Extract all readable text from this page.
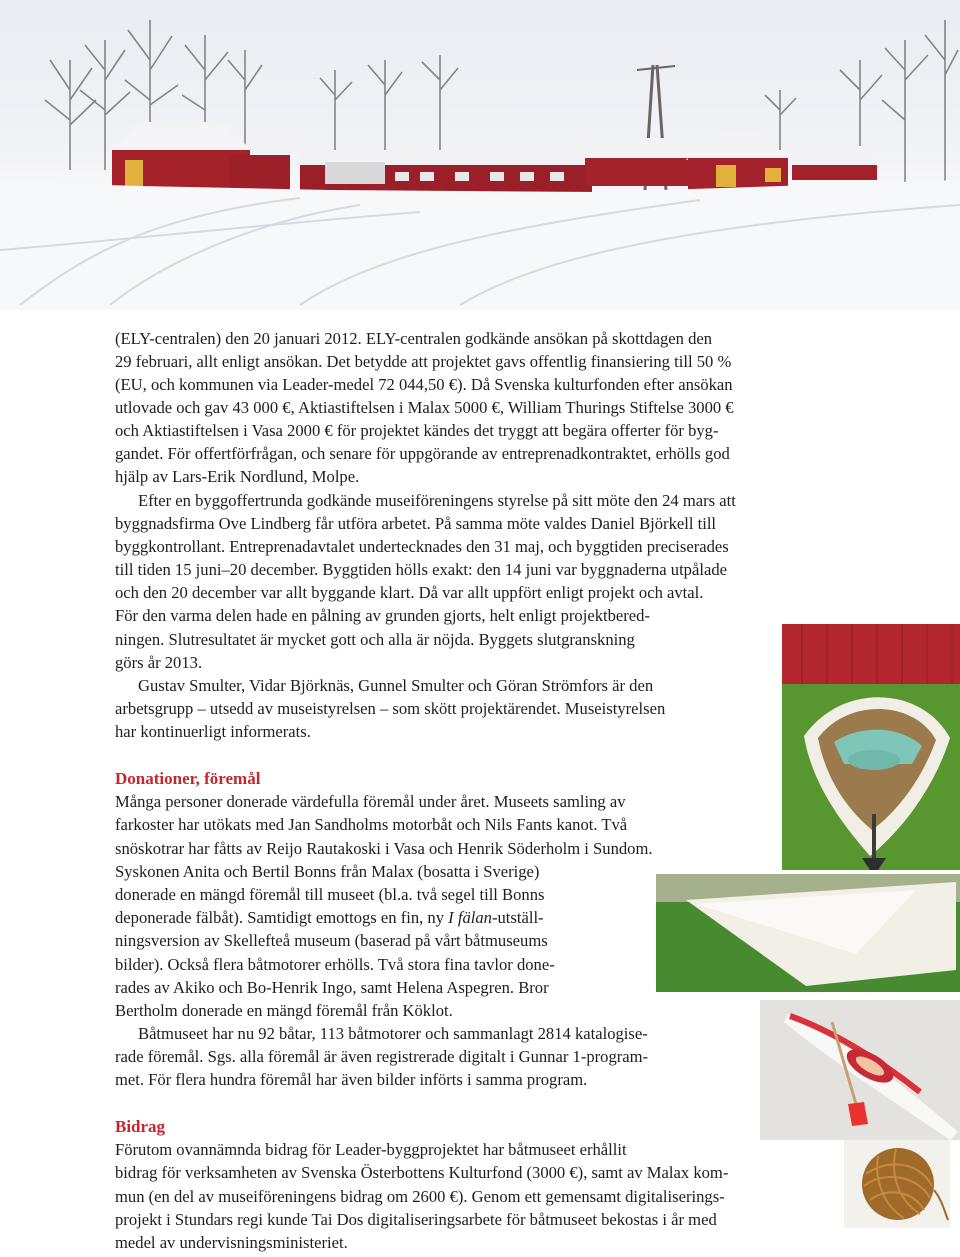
(ELY-centralen) den 20 januari 2012. ELY-centralen godkände ansökan på skottdagen den
29 februari, allt enligt ansökan. Det betydde att projektet gavs offentlig finansiering till 50 %
(EU, och kommunen via Leader-medel 72 044,50 €). Då Svenska kulturfonden efter ansökan
utlovade och gav 43 000 €, Aktiastiftelsen i Malax 5000 €, William Thurings Stiftelse 3000 €
och Aktiastiftelsen i Vasa 2000 € för projektet kändes det tryggt att begära offerter för byg-
gandet. För offertförfrågan, och senare för uppgörande av entreprenadkontraktet, erhölls god
hjälp av Lars-Erik Nordlund, Molpe.
Efter en byggoffertrunda godkände museiföreningens styrelse på sitt möte den 24 mars att
byggnadsfirma Ove Lindberg får utföra arbetet. På samma möte valdes Daniel Björkell till
byggkontrollant. Entreprenadavtalet undertecknades den 31 maj, och byggtiden preciserades
till tiden 15 juni–20 december. Byggtiden hölls exakt: den 14 juni var byggnaderna utpålade
och den 20 december var allt byggande klart. Då var allt uppfört enligt projekt och avtal.
För den varma delen hade en pålning av grunden gjorts, helt enligt projektbered-
ningen. Slutresultatet är mycket gott och alla är nöjda. Byggets slutgranskning
görs år 2013.
Gustav Smulter, Vidar Björknäs, Gunnel Smulter och Göran Strömfors är den
arbetsgrupp – utsedd av museistyrelsen – som skött projektärendet. Museistyrelsen
har kontinuerligt informerats.
Donationer, föremål
Många personer donerade värdefulla föremål under året. Museets samling av
farkoster har utökats med Jan Sandholms motorbåt och Nils Fants kanot. Två
snöskotrar har fåtts av Reijo Rautakoski i Vasa och Henrik Söderholm i Sundom.
Syskonen Anita och Bertil Bonns från Malax (bosatta i Sverige)
donerade en mängd föremål till museet (bl.a. två segel till Bonns
deponerade fälbåt). Samtidigt emottogs en fin, ny I fälan-utställ-
ningsversion av Skellefteå museum (baserad på vårt båtmuseums
bilder). Också flera båtmotorer erhölls. Två stora fina tavlor done-
rades av Akiko och Bo-Henrik Ingo, samt Helena Aspegren. Bror
Bertholm donerade en mängd föremål från Köklot.
Båtmuseet har nu 92 båtar, 113 båtmotorer och sammanlagt 2814 katalogise-
rade föremål. Sgs. alla föremål är även registrerade digitalt i Gunnar 1-program-
met. För flera hundra föremål har även bilder införts i samma program.
Bidrag
Förutom ovannämnda bidrag för Leader-byggprojektet har båtmuseet erhållit
bidrag för verksamheten av Svenska Österbottens Kulturfond (3000 €), samt av Malax kom-
mun (en del av museiföreningens bidrag om 2600 €). Genom ett gemensamt digitaliserings-
projekt i Stundars regi kunde Tai Dos digitaliseringsarbete för båtmuseet bekostas i år med
medel av undervisningsministeriet.
